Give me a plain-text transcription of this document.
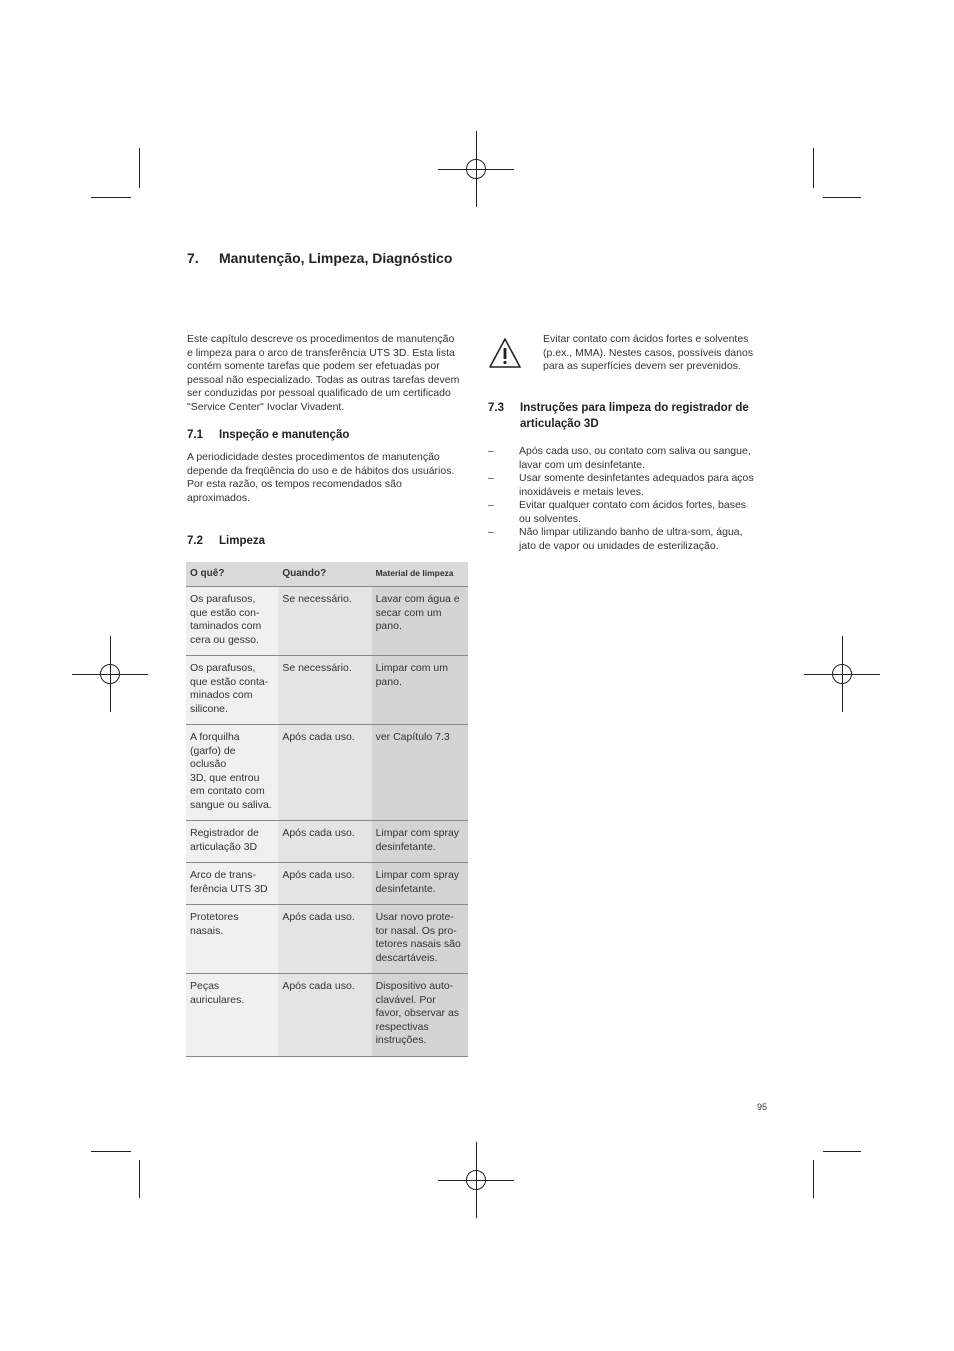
7. Manutenção, Limpeza, Diagnóstico
Este capítulo descreve os procedimentos de manutenção
e limpeza para o arco de transferência UTS 3D. Esta lista
contém somente tarefas que podem ser efetuadas por
pessoal não especializado. Todas as outras tarefas devem
ser conduzidas por pessoal qualificado de um certificado
"Service Center" Ivoclar Vivadent.
7.1 Inspeção e manutenção
A periodicidade destes procedimentos de manutenção
depende da freqüência do uso e de hábitos dos usuários.
Por esta razão, os tempos recomendados são
aproximados.
7.2 Limpeza
O quê?	Quando?	Material de limpeza
Os parafusos,
que estão con-
taminados com
cera ou gesso.	Se necessário.	Lavar com água e
secar com um
pano.
Os parafusos,
que estão conta-
minados com
silicone.	Se necessário.	Limpar com um
pano.
A forquilha
(garfo) de oclusão
3D, que entrou
em contato com
sangue ou saliva.	Após cada uso.	ver Capítulo 7.3
Registrador de
articulação 3D	Após cada uso.	Limpar com spray
desinfetante.
Arco de trans-
ferência UTS 3D	Após cada uso.	Limpar com spray
desinfetante.
Protetores nasais.	Após cada uso.	Usar novo prote-
tor nasal. Os pro-
tetores nasais são
descartáveis.
Peças auriculares.	Após cada uso.	Dispositivo auto-
clavável. Por
favor, observar as
respectivas
instruções.
Evitar contato com ácidos fortes e solventes
(p.ex., MMA). Nestes casos, possíveis danos
para as superfícies devem ser prevenidos.
7.3 Instruções para limpeza do registrador de
articulação 3D
–	Após cada uso, ou contato com saliva ou sangue,
lavar com um desinfetante.
–	Usar somente desinfetantes adequados para aços
inoxidáveis e metais leves.
–	Evitar qualquer contato com ácidos fortes, bases
ou solventes.
–	Não limpar utilizando banho de ultra-som, água,
jato de vapor ou unidades de esterilização.
95
